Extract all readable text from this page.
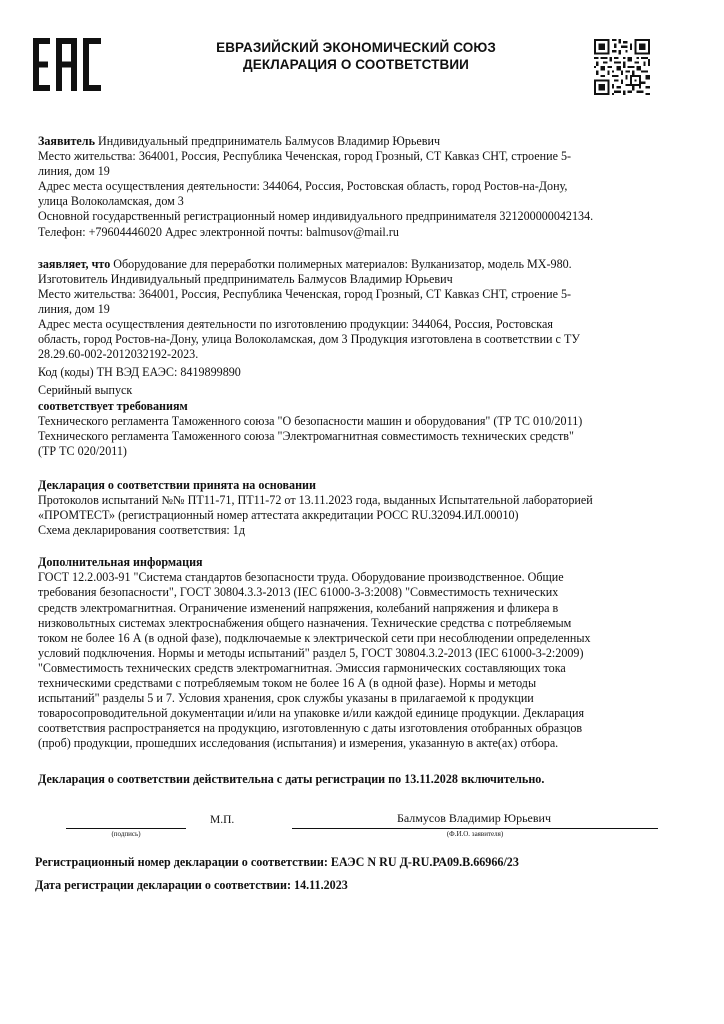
ЕВРАЗИЙСКИЙ ЭКОНОМИЧЕСКИЙ СОЮЗ
ДЕКЛАРАЦИЯ О СООТВЕТСТВИИ

Заявитель Индивидуальный предприниматель Балмусов Владимир Юрьевич

Место жительства: 364001, Россия, Республика Чеченская, город Грозный, СТ Кавказ СНТ, строение 5-

линия, дом 19

Адрес места осуществления деятельности: 344064, Россия, Ростовская область, город Ростов-на-Дону,

улица Волоколамская, дом 3

Основной государственный регистрационный номер индивидуального предпринимателя 321200000042134.

Телефон: +79604446020 Адрес электронной почты: balmusov@mail.ru

заявляет, что Оборудование для переработки полимерных материалов: Вулканизатор, модель MX-980.

Изготовитель Индивидуальный предприниматель Балмусов Владимир Юрьевич

Место жительства: 364001, Россия, Республика Чеченская, город Грозный, СТ Кавказ СНТ, строение 5-

линия, дом 19

Адрес места осуществления деятельности по изготовлению продукции: 344064, Россия, Ростовская

область, город Ростов-на-Дону, улица Волоколамская, дом 3 Продукция изготовлена в соответствии с ТУ

28.29.60-002-2012032192-2023.

Код (коды) ТН ВЭД ЕАЭС: 8419899890

Серийный выпуск

соответствует требованиям

Технического регламента Таможенного союза "О безопасности машин и оборудования" (ТР ТС 010/2011)

Технического регламента Таможенного союза "Электромагнитная совместимость технических средств"

(ТР ТС 020/2011)

Декларация о соответствии принята на основании

Протоколов испытаний №№ ПТ11-71, ПТ11-72 от 13.11.2023 года, выданных Испытательной лабораторией

«ПРОМТЕСТ» (регистрационный номер аттестата аккредитации РОСС RU.32094.ИЛ.00010)

Схема декларирования соответствия: 1д

Дополнительная информация

ГОСТ 12.2.003-91 "Система стандартов безопасности труда. Оборудование производственное. Общие

требования безопасности", ГОСТ 30804.3.3-2013 (IEC 61000-3-3:2008) "Совместимость технических

средств электромагнитная. Ограничение изменений напряжения, колебаний напряжения и фликера в

низковольтных системах электроснабжения общего назначения. Технические средства с потребляемым

током не более 16 А (в одной фазе), подключаемые к электрической сети при несоблюдении определенных

условий подключения. Нормы и методы испытаний" раздел 5, ГОСТ 30804.3.2-2013 (IEC 61000-3-2:2009)

"Совместимость технических средств электромагнитная. Эмиссия гармонических составляющих тока

техническими средствами с потребляемым током не более 16 А (в одной фазе). Нормы и методы

испытаний" разделы 5 и 7. Условия хранения, срок службы указаны в прилагаемой к продукции

товаросопроводительной документации и/или на упаковке и/или каждой единице продукции. Декларация

соответствия распространяется на продукцию, изготовленную с даты изготовления отобранных образцов

(проб) продукции, прошедших исследования (испытания) и измерения, указанную в акте(ах) отбора.

Декларация о соответствии действительна с даты регистрации по 13.11.2028 включительно.

(подпись)
М.П.	Балмусов Владимир Юрьевич
(Ф.И.О. заявителя)
Регистрационный номер декларации о соответствии: ЕАЭС N RU Д-RU.РА09.В.66966/23
Дата регистрации декларации о соответствии: 14.11.2023
